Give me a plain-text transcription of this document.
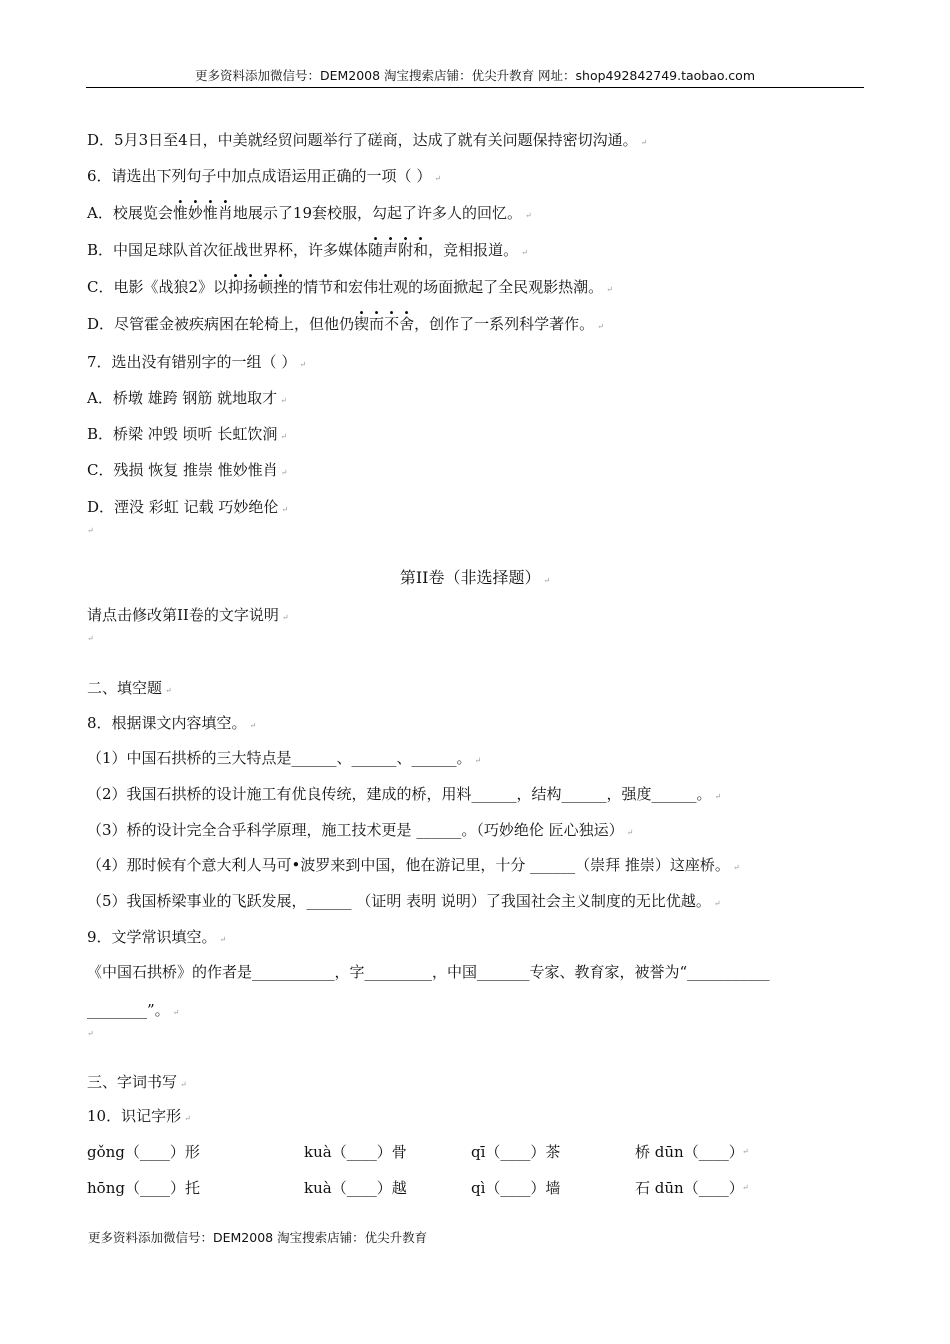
更多资料添加微信号：DEM2008 淘宝搜索店铺：优尖升教育 网址：shop492842749.taobao.com
D．5月3日至4日，中美就经贸问题举行了磋商，达成了就有关问题保持密切沟通。 ↵
6．请选出下列句子中加点成语运用正确的一项（ ） ↵
A．校展览会惟妙惟肖地展示了19套校服，勾起了许多人的回忆。 ↵
B．中国足球队首次征战世界杯，许多媒体随声附和，竞相报道。 ↵
C．电影《战狼2》以抑扬顿挫的情节和宏伟壮观的场面掀起了全民观影热潮。 ↵
D．尽管霍金被疾病困在轮椅上，但他仍锲而不舍，创作了一系列科学著作。 ↵
7．选出没有错别字的一组（ ） ↵
A．桥墩 雄跨 钢筋 就地取才 ↵
B．桥梁 冲毁 顷听 长虹饮涧 ↵
C．残损 恢复 推崇 惟妙惟肖 ↵
D．湮没 彩虹 记载 巧妙绝伦 ↵
↵
第II卷（非选择题） ↵
请点击修改第II卷的文字说明 ↵
↵
二、填空题 ↵
8．根据课文内容填空。 ↵
（1）中国石拱桥的三大特点是______、______、______。 ↵
（2）我国石拱桥的设计施工有优良传统，建成的桥，用料______，结构______，强度______。 ↵
（3）桥的设计完全合乎科学原理，施工技术更是 ______。（巧妙绝伦 匠心独运） ↵
（4）那时候有个意大利人马可•波罗来到中国，他在游记里，十分 ______（崇拜 推崇）这座桥。 ↵
（5）我国桥梁事业的飞跃发展，______ （证明 表明 说明）了我国社会主义制度的无比优越。 ↵
9．文学常识填空。 ↵
《中国石拱桥》的作者是___________，字_________，中国_______专家、教育家，被誉为“___________
________”。 ↵
↵
三、字词书写 ↵
10．识记字形 ↵
gǒng（____）形	kuà（____）骨	qī（____）茶	桥 dūn（____）
↵
hōng（____）托	kuà（____）越	qì（____）墙	石 dūn（____）
↵
更多资料添加微信号：DEM2008 淘宝搜索店铺：优尖升教育
